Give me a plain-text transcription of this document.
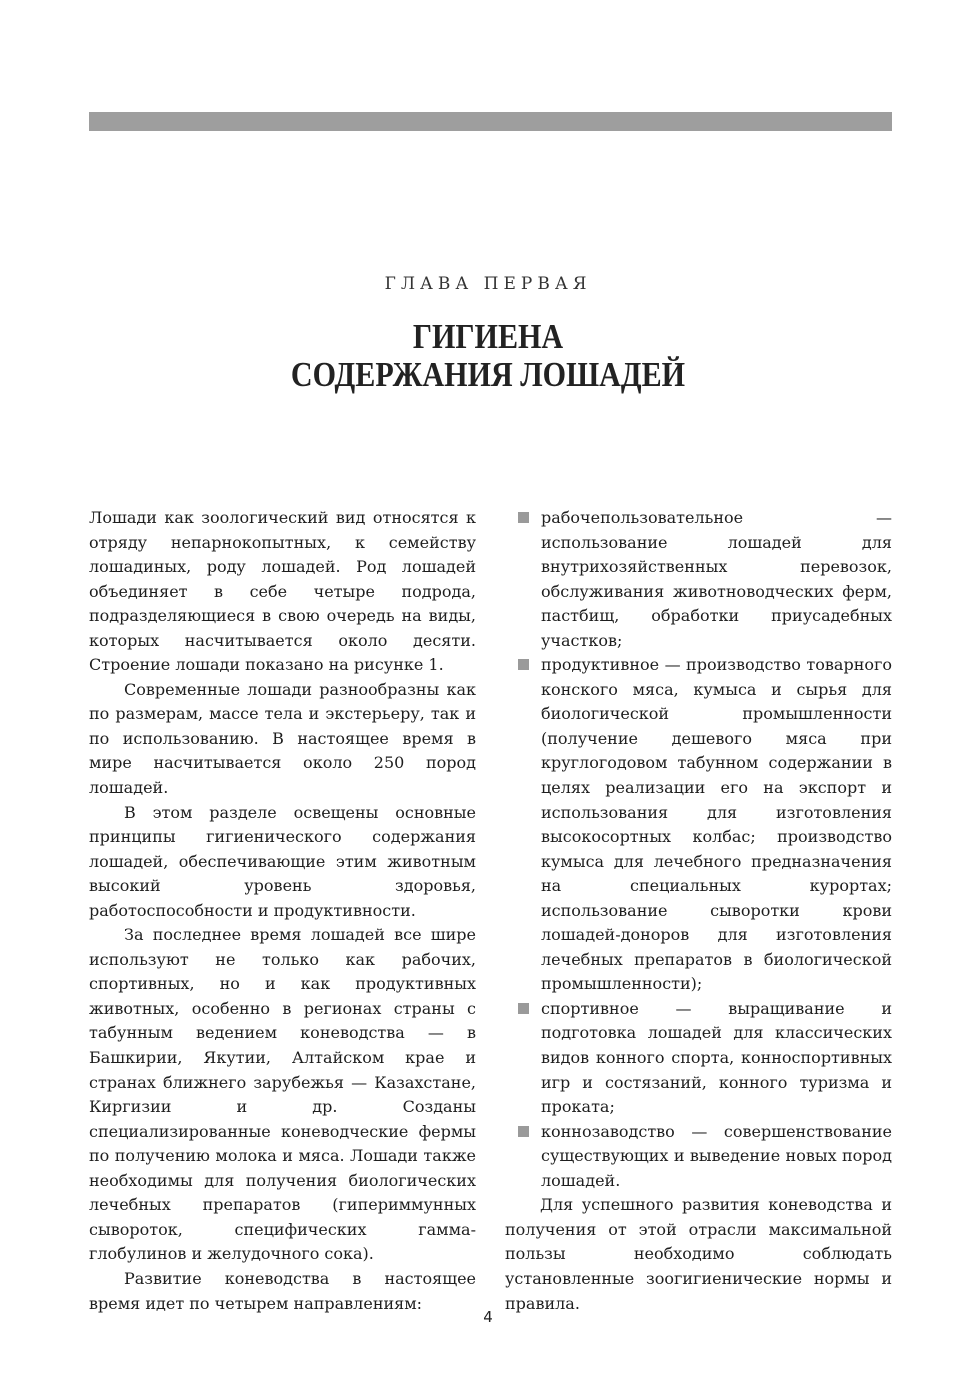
ГЛАВА ПЕРВАЯ
ГИГИЕНА
СОДЕРЖАНИЯ ЛОШАДЕЙ

Лошади как зоологический вид относятся к отряду непарнокопытных, к семейству лошадиных, роду лошадей. Род лошадей объединяет в себе четыре подрода, подразделяющиеся в свою очередь на виды, которых насчитывается около десяти. Строение лошади показано на рисунке 1.

Современные лошади разнообразны как по размерам, массе тела и экстерьеру, так и по использованию. В настоящее время в мире насчитывается около 250 пород лошадей.

В этом разделе освещены основные принципы гигиенического содержания лошадей, обеспечивающие этим животным высокий уровень здоровья, работоспособности и продуктивности.

За последнее время лошадей все шире используют не только как рабочих, спортивных, но и как продуктивных животных, особенно в регионах страны с табунным ведением коневодства — в Башкирии, Якутии, Алтайском крае и странах ближнего зарубежья — Казахстане, Киргизии и др. Созданы специализированные коневодческие фермы по получению молока и мяса. Лошади также необходимы для получения биологических лечебных препаратов (гипериммунных сывороток, специфических гамма-глобулинов и желудочного сока).

Развитие коневодства в настоящее время идет по четырем направлениям:

рабочепользовательное — использование лошадей для внутрихозяйственных перевозок, обслуживания животноводческих ферм, пастбищ, обработки приусадебных участков;
продуктивное — производство товарного конского мяса, кумыса и сырья для биологической промышленности (получение дешевого мяса при круглогодовом табунном содержании в целях реализации его на экспорт и использования для изготовления высокосортных колбас; производство кумыса для лечебного предназначения на специальных курортах; использование сыворотки крови лошадей-доноров для изготовления лечебных препаратов в биологической промышленности);
спортивное — выращивание и подготовка лошадей для классических видов конного спорта, конноспортивных игр и состязаний, конного туризма и проката;
коннозаводство — совершенствование существующих и выведение новых пород лошадей.

Для успешного развития коневодства и получения от этой отрасли максимальной пользы необходимо соблюдать установленные зоогигиенические нормы и правила.

4
